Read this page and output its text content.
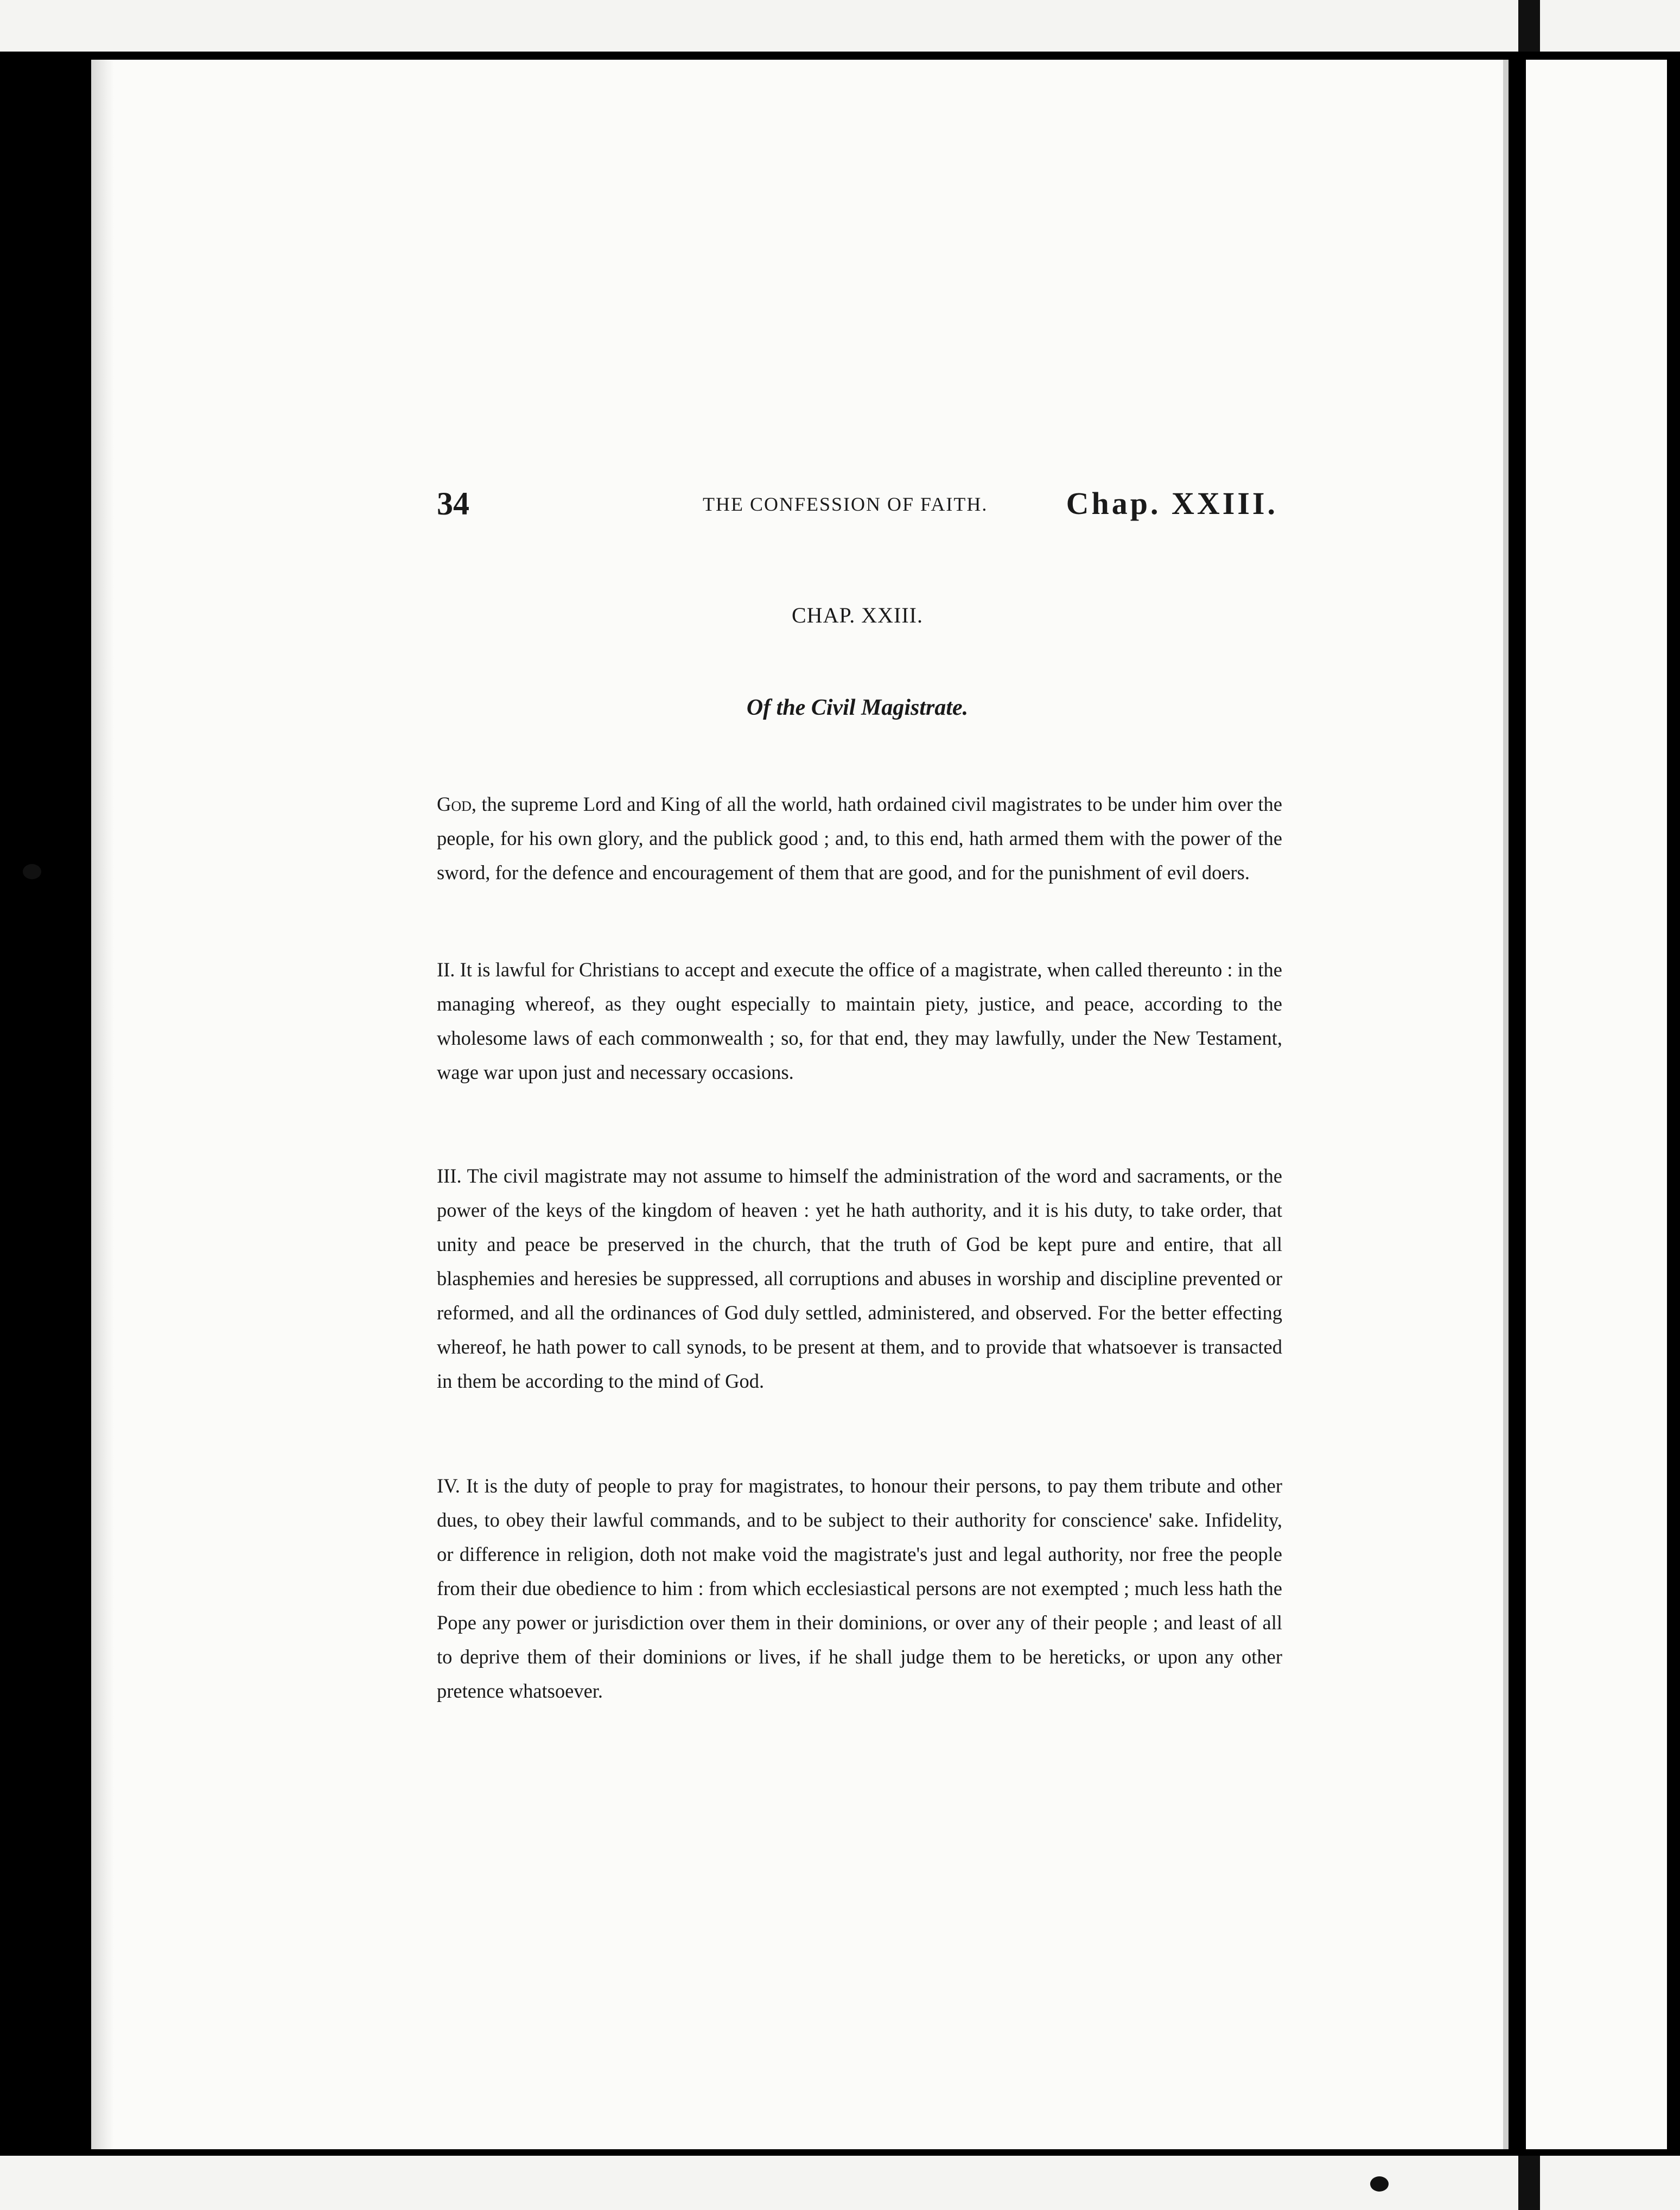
34	THE CONFESSION OF FAITH. Chap. XXIII.
CHAP. XXIII.
Of the Civil Magistrate.

God, the supreme Lord and King of all the world, hath ordained civil magistrates to be under him over the people, for his own glory, and the publick good ; and, to this end, hath armed them with the power of the sword, for the defence and encouragement of them that are good, and for the punishment of evil doers.

II. It is lawful for Christians to accept and execute the office of a magistrate, when called thereunto : in the managing whereof, as they ought especially to maintain piety, justice, and peace, according to the wholesome laws of each commonwealth ; so, for that end, they may lawfully, under the New Testament, wage war upon just and necessary occasions.

III. The civil magistrate may not assume to himself the administration of the word and sacraments, or the power of the keys of the kingdom of heaven : yet he hath authority, and it is his duty, to take order, that unity and peace be preserved in the church, that the truth of God be kept pure and entire, that all blasphemies and heresies be suppressed, all corruptions and abuses in worship and discipline prevented or reformed, and all the ordinances of God duly settled, administered, and observed. For the better effecting whereof, he hath power to call synods, to be present at them, and to provide that whatsoever is transacted in them be according to the mind of God.

IV. It is the duty of people to pray for magistrates, to honour their persons, to pay them tribute and other dues, to obey their lawful commands, and to be subject to their authority for conscience' sake. Infidelity, or difference in religion, doth not make void the magistrate's just and legal authority, nor free the people from their due obedience to him : from which ecclesiastical persons are not exempted ; much less hath the Pope any power or jurisdiction over them in their dominions, or over any of their people ; and least of all to deprive them of their dominions or lives, if he shall judge them to be hereticks, or upon any other pretence whatsoever.
